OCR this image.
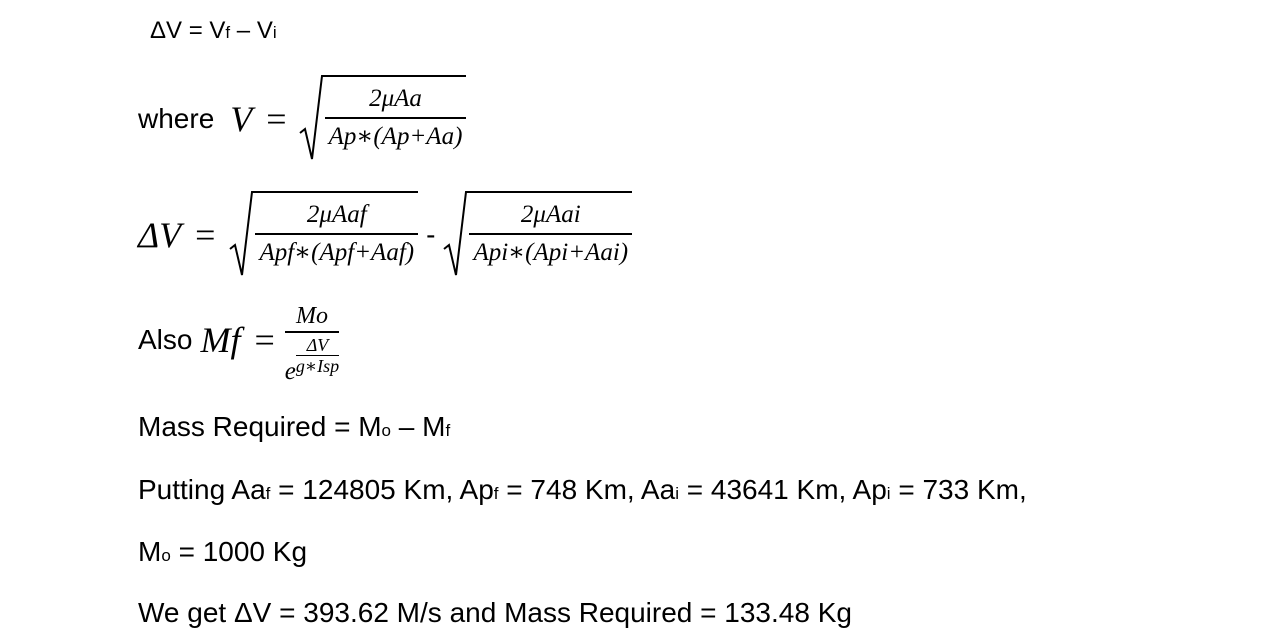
ΔV = Vf – Vi
where $V = \frac{\text{2μAa}}{Ap∗(Ap+Aa)}$
$\Delta V = \frac{\text{2μAaf}}{\text{Apf∗(Apf+Aaf)}} - \frac{\text{2μAai}}{\text{Api∗(Api+Aai)}}$
Also $Mf = \frac{Mo}{e \frac{\Delta V}{\text{g∗Isp}}}$
Mass Required = Mo – Mf
Putting Aaf = 124805 Km, Apf = 748 Km, Aai = 43641 Km, Api = 733 Km,
Mo = 1000 Kg
We get ΔV = 393.62 M/s and Mass Required = 133.48 Kg
